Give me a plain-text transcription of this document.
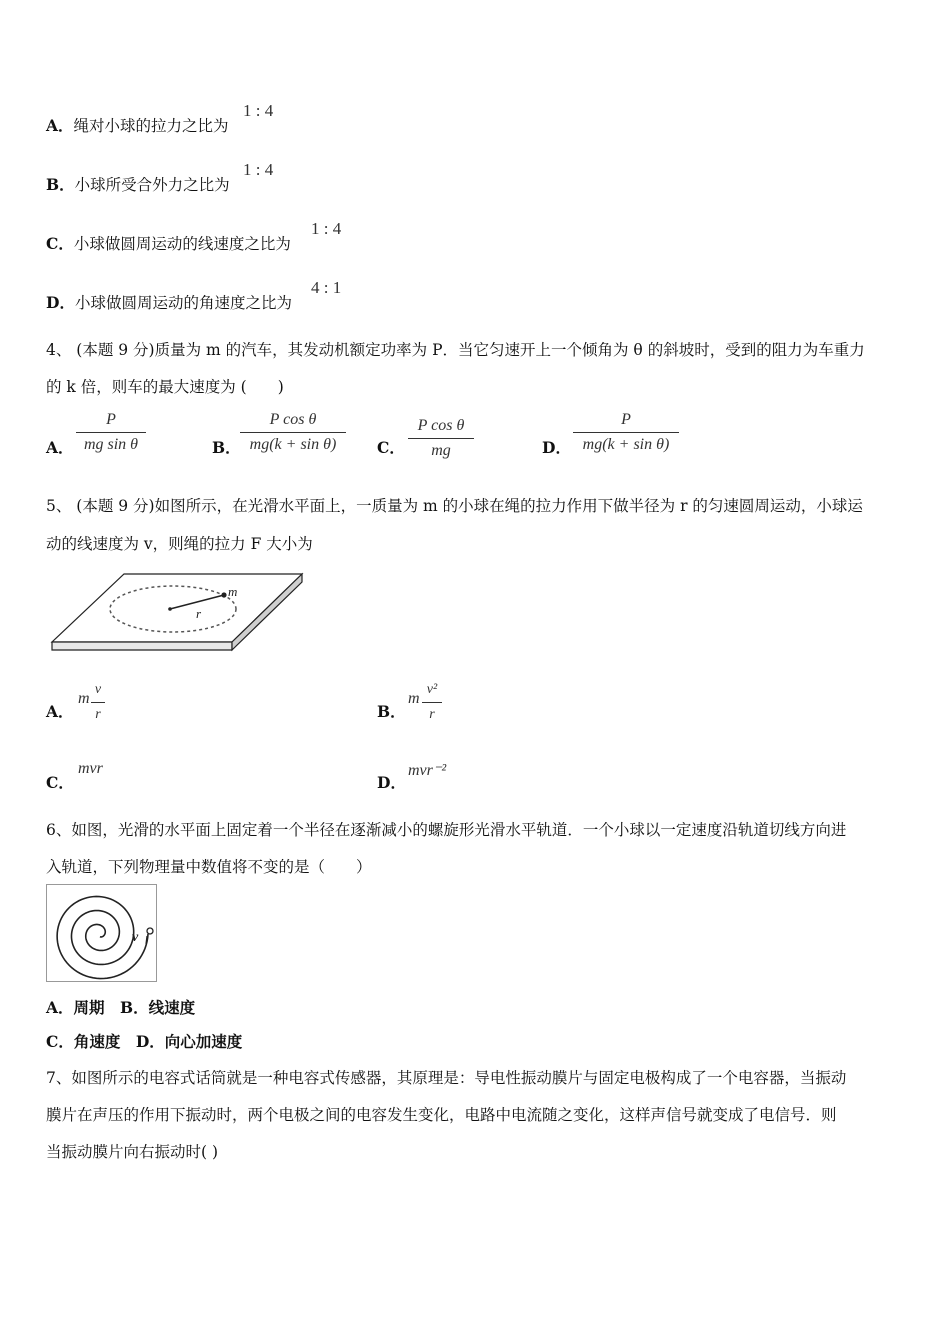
A．绳对小球的拉力之比为
1 : 4
B．小球所受合外力之比为
1 : 4
C．小球做圆周运动的线速度之比为
1 : 4
D．小球做圆周运动的角速度之比为
4 : 1
4、 (本题 9 分)质量为 m 的汽车，其发动机额定功率为 P．当它匀速开上一个倾角为 θ 的斜坡时，受到的阻力为车重力
的 k 倍，则车的最大速度为 (　　)
A．
P
mg sin θ	B．
P cos θ
mg(k + sin θ)	C．
P cos θ
mg	D．
P
mg(k + sin θ)
5、 (本题 9 分)如图所示，在光滑水平面上，一质量为 m 的小球在绳的拉力作用下做半径为 r 的匀速圆周运动，小球运
动的线速度为 v，则绳的拉力 F 大小为
m
r
A．
m
v
r	B．
m
v²
r
C．
mvr
D．
mvr⁻²
6、如图，光滑的水平面上固定着一个半径在逐渐减小的螺旋形光滑水平轨道．一个小球以一定速度沿轨道切线方向进
入轨道，下列物理量中数值将不变的是（　　）
v
A．周期　B．线速度
C．角速度　D．向心加速度
7、如图所示的电容式话筒就是一种电容式传感器，其原理是：导电性振动膜片与固定电极构成了一个电容器，当振动
膜片在声压的作用下振动时，两个电极之间的电容发生变化，电路中电流随之变化，这样声信号就变成了电信号．则
当振动膜片向右振动时( )
